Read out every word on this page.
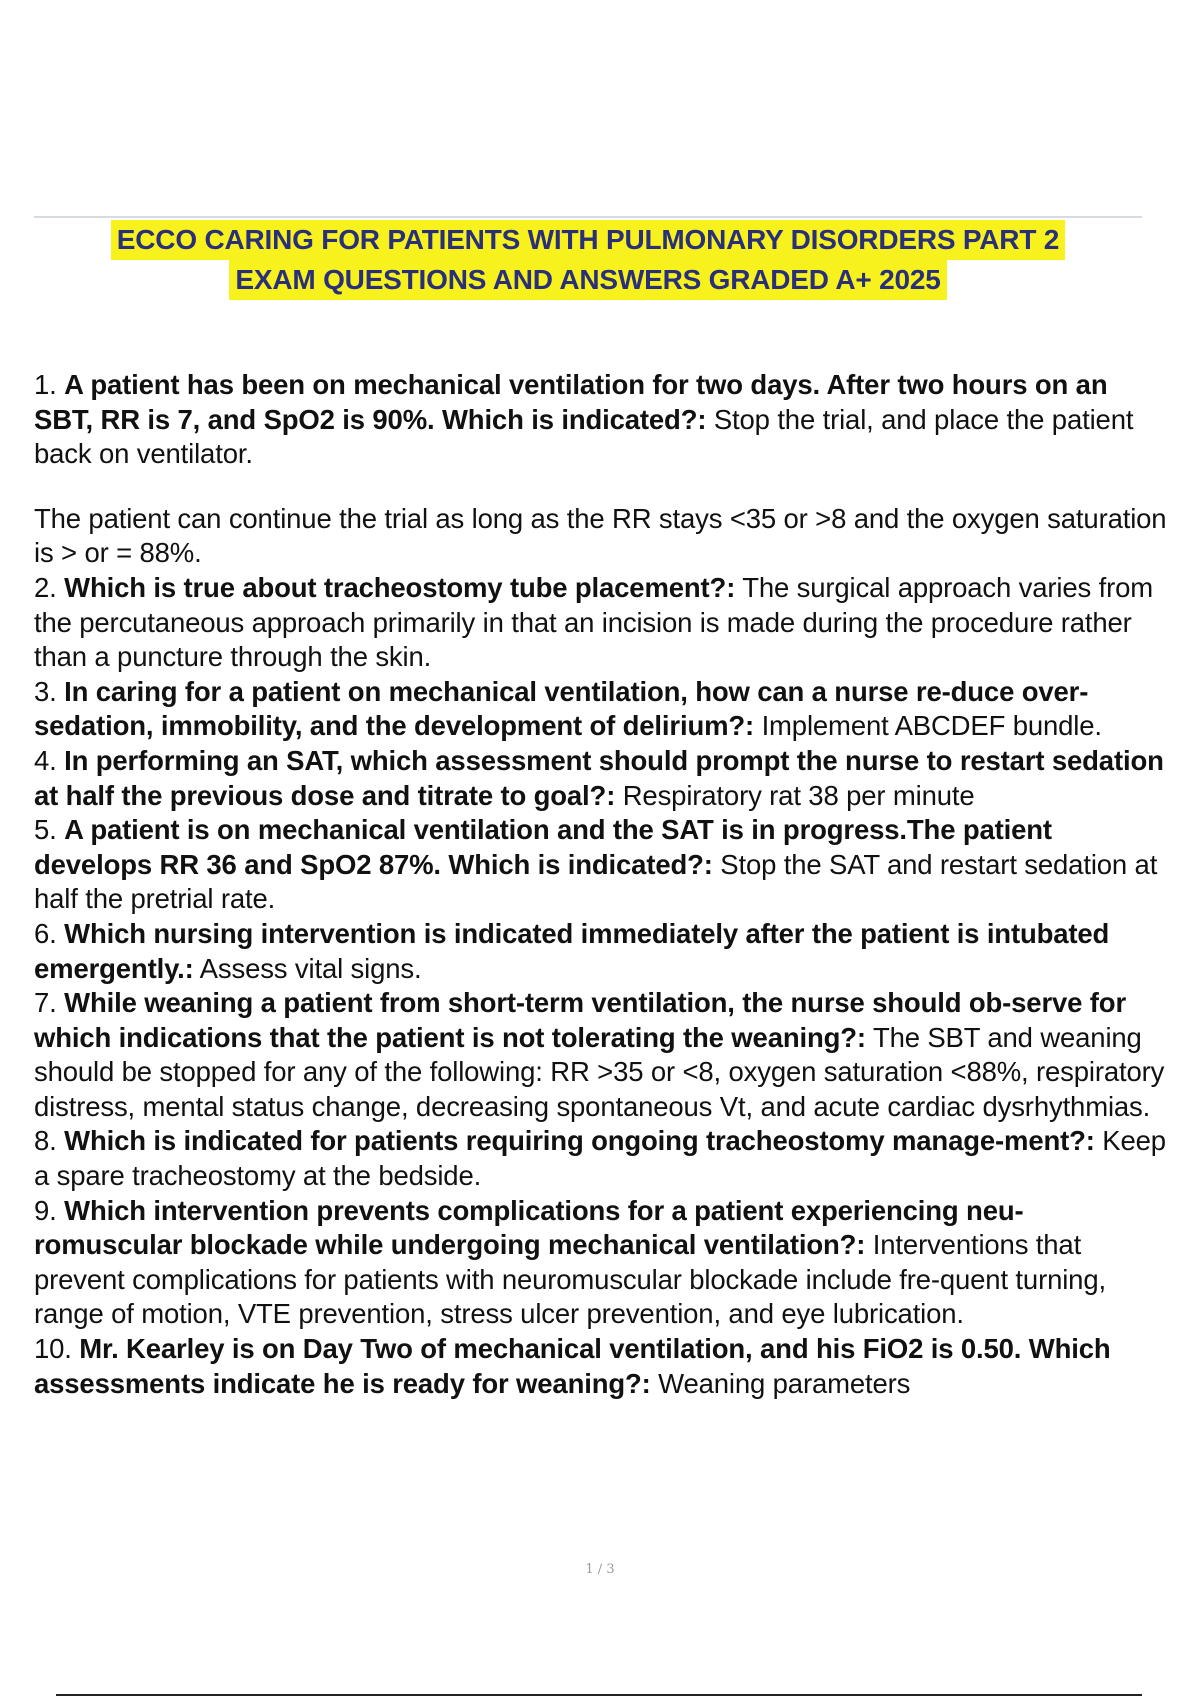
ECCO CARING FOR PATIENTS WITH PULMONARY DISORDERS PART 2
EXAM QUESTIONS AND ANSWERS GRADED A+ 2025

1. A patient has been on mechanical ventilation for two days. After two hours on an SBT, RR is 7, and SpO2 is 90%. Which is indicated?: Stop the trial, and place the patient back on ventilator.

The patient can continue the trial as long as the RR stays <35 or >8 and the oxygen saturation is > or = 88%.

2. Which is true about tracheostomy tube placement?: The surgical approach varies from the percutaneous approach primarily in that an incision is made during the procedure rather than a puncture through the skin.

3. In caring for a patient on mechanical ventilation, how can a nurse re-duce over-sedation, immobility, and the development of delirium?: Implement ABCDEF bundle.

4. In performing an SAT, which assessment should prompt the nurse to restart sedation at half the previous dose and titrate to goal?: Respiratory rat 38 per minute

5. A patient is on mechanical ventilation and the SAT is in progress.The patient develops RR 36 and SpO2 87%. Which is indicated?: Stop the SAT and restart sedation at half the pretrial rate.

6. Which nursing intervention is indicated immediately after the patient is intubated emergently.: Assess vital signs.

7. While weaning a patient from short-term ventilation, the nurse should ob-serve for which indications that the patient is not tolerating the weaning?: The SBT and weaning should be stopped for any of the following: RR >35 or <8, oxygen saturation <88%, respiratory distress, mental status change, decreasing spontaneous Vt, and acute cardiac dysrhythmias.

8. Which is indicated for patients requiring ongoing tracheostomy manage-ment?: Keep a spare tracheostomy at the bedside.

9. Which intervention prevents complications for a patient experiencing neu-romuscular blockade while undergoing mechanical ventilation?: Interventions that prevent complications for patients with neuromuscular blockade include fre-quent turning, range of motion, VTE prevention, stress ulcer prevention, and eye lubrication.

10. Mr. Kearley is on Day Two of mechanical ventilation, and his FiO2 is 0.50. Which assessments indicate he is ready for weaning?: Weaning parameters

1 / 3
